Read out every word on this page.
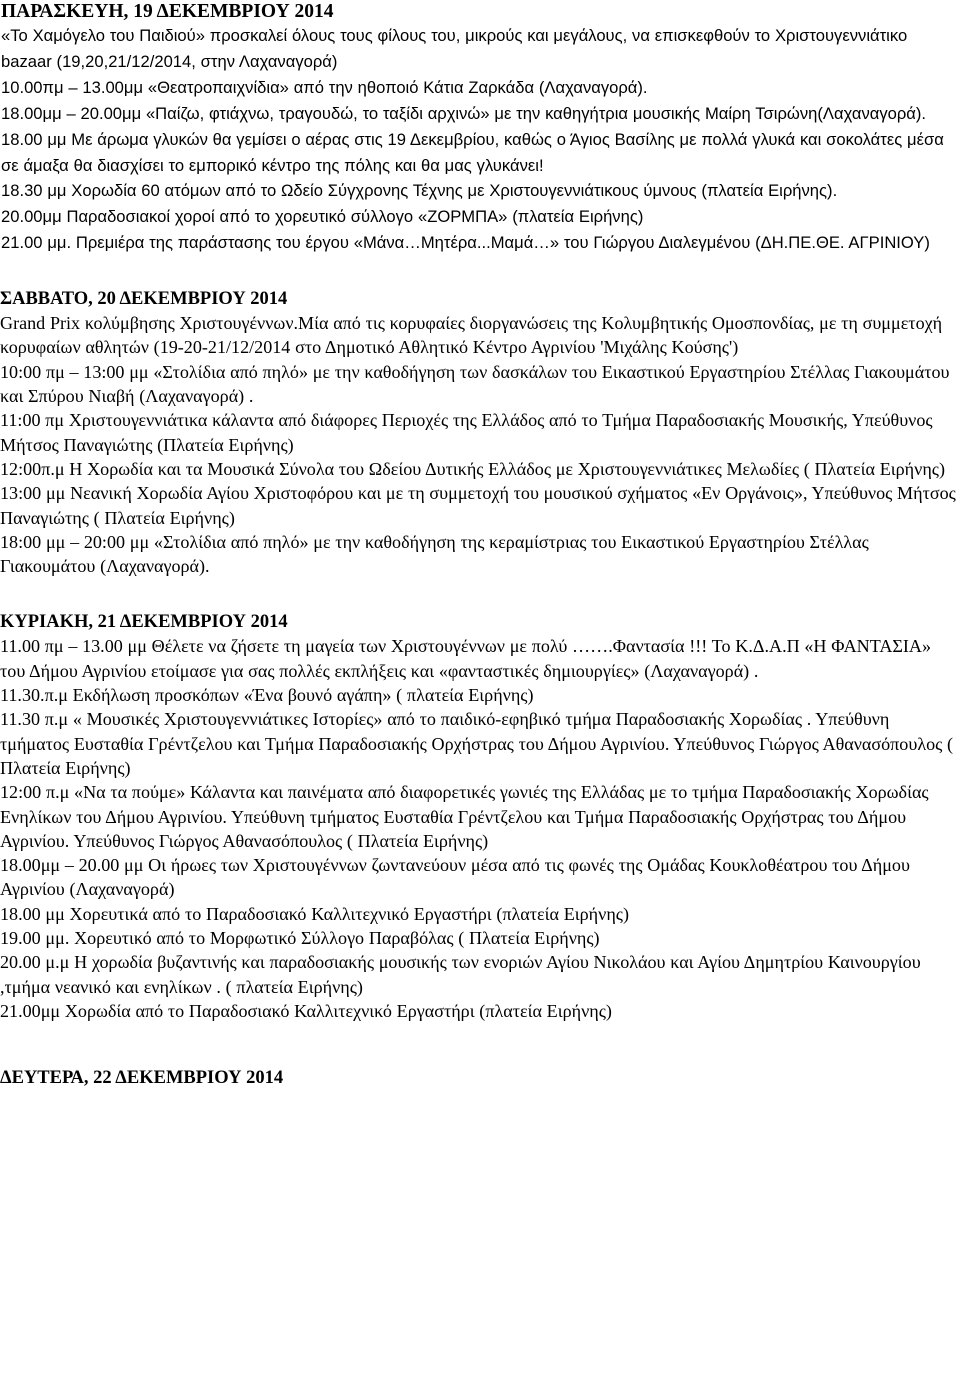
ΠΑΡΑΣΚΕΥΗ, 19 ΔΕΚΕΜΒΡΙΟΥ 2014

«Το Χαμόγελο του Παιδιού» προσκαλεί όλους τους φίλους του, μικρούς και μεγάλους, να επισκεφθούν το Χριστουγεννιάτικο bazaar (19,20,21/12/2014, στην Λαχαναγορά)

10.00πμ – 13.00μμ «Θεατροπαιχνίδια» από την ηθοποιό Κάτια Ζαρκάδα (Λαχαναγορά).

18.00μμ – 20.00μμ «Παίζω, φτιάχνω, τραγουδώ, το ταξίδι αρχινώ» με την καθηγήτρια μουσικής Μαίρη Τσιρώνη(Λαχαναγορά).

18.00 μμ Με άρωμα γλυκών θα γεμίσει ο αέρας στις 19 Δεκεμβρίου, καθώς ο Άγιος Βασίλης με πολλά γλυκά και σοκολάτες μέσα σε άμαξα θα διασχίσει το εμπορικό κέντρο της πόλης και θα μας γλυκάνει!

18.30 μμ Χορωδία 60 ατόμων από το Ωδείο Σύγχρονης Τέχνης με Χριστουγεννιάτικους ύμνους (πλατεία Ειρήνης).

20.00μμ Παραδοσιακοί χοροί από το χορευτικό σύλλογο «ΖΟΡΜΠΑ» (πλατεία Ειρήνης)

21.00 μμ. Πρεμιέρα της παράστασης του έργου «Μάνα…Μητέρα...Μαμά…» του Γιώργου Διαλεγμένου (ΔΗ.ΠΕ.ΘΕ. ΑΓΡΙΝΙΟΥ)

ΣΑΒΒΑΤΟ, 20 ΔΕΚΕΜΒΡΙΟΥ 2014

Grand Prix κολύμβησης Χριστουγέννων.Μία από τις κορυφαίες διοργανώσεις της Κολυμβητικής Ομοσπονδίας, με τη συμμετοχή κορυφαίων αθλητών (19-20-21/12/2014 στο Δημοτικό Αθλητικό Κέντρο Αγρινίου 'Μιχάλης Κούσης')

10:00 πμ – 13:00 μμ «Στολίδια από πηλό» με την καθοδήγηση των δασκάλων του Εικαστικού Εργαστηρίου Στέλλας Γιακουμάτου και Σπύρου Νιαβή (Λαχαναγορά) .

11:00 πμ Χριστουγεννιάτικα κάλαντα από διάφορες Περιοχές της Ελλάδος από το Τμήμα Παραδοσιακής Μουσικής, Υπεύθυνος Μήτσος Παναγιώτης (Πλατεία Ειρήνης)

12:00π.μ Η Χορωδία και τα Μουσικά Σύνολα του Ωδείου Δυτικής Ελλάδος με Χριστουγεννιάτικες Μελωδίες ( Πλατεία Ειρήνης)

13:00 μμ Νεανική Χορωδία Αγίου Χριστοφόρου και με τη συμμετοχή του μουσικού σχήματος «Εν Οργάνοις», Υπεύθυνος Μήτσος Παναγιώτης ( Πλατεία Ειρήνης)

18:00 μμ – 20:00 μμ «Στολίδια από πηλό» με την καθοδήγηση της κεραμίστριας του Εικαστικού Εργαστηρίου Στέλλας Γιακουμάτου (Λαχαναγορά).

ΚΥΡΙΑΚΗ, 21 ΔΕΚΕΜΒΡΙΟΥ 2014

11.00 πμ – 13.00 μμ Θέλετε να ζήσετε τη μαγεία των Χριστουγέννων με πολύ …….Φαντασία !!! Το Κ.Δ.Α.Π «Η ΦΑΝΤΑΣΙΑ» του Δήμου Αγρινίου ετοίμασε για σας πολλές εκπλήξεις και «φανταστικές δημιουργίες» (Λαχαναγορά) .

11.30.π.μ Εκδήλωση προσκόπων «Ένα βουνό αγάπη» ( πλατεία Ειρήνης)

11.30 π.μ « Μουσικές Χριστουγεννιάτικες Ιστορίες» από το παιδικό-εφηβικό τμήμα Παραδοσιακής Χορωδίας . Υπεύθυνη τμήματος Ευσταθία Γρέντζελου και Τμήμα Παραδοσιακής Ορχήστρας του Δήμου Αγρινίου. Υπεύθυνος Γιώργος Αθανασόπουλος ( Πλατεία Ειρήνης)

12:00 π.μ «Να τα πούμε» Κάλαντα και παινέματα από διαφορετικές γωνιές της Ελλάδας με το τμήμα Παραδοσιακής Χορωδίας Ενηλίκων του Δήμου Αγρινίου. Υπεύθυνη τμήματος Ευσταθία Γρέντζελου και Τμήμα Παραδοσιακής Ορχήστρας του Δήμου Αγρινίου. Υπεύθυνος Γιώργος Αθανασόπουλος ( Πλατεία Ειρήνης)

18.00μμ – 20.00 μμ Οι ήρωες των Χριστουγέννων ζωντανεύουν μέσα από τις φωνές της Ομάδας Κουκλοθέατρου του Δήμου Αγρινίου (Λαχαναγορά)

18.00 μμ Χορευτικά από το Παραδοσιακό Καλλιτεχνικό Εργαστήρι (πλατεία Ειρήνης)

19.00 μμ. Χορευτικό από το Μορφωτικό Σύλλογο Παραβόλας ( Πλατεία Ειρήνης)

20.00 μ.μ Η χορωδία βυζαντινής και παραδοσιακής μουσικής των ενοριών Αγίου Νικολάου και Αγίου Δημητρίου Καινουργίου ,τμήμα νεανικό και ενηλίκων . ( πλατεία Ειρήνης)

21.00μμ Χορωδία από το Παραδοσιακό Καλλιτεχνικό Εργαστήρι (πλατεία Ειρήνης)

ΔΕΥΤΕΡΑ, 22 ΔΕΚΕΜΒΡΙΟΥ 2014
